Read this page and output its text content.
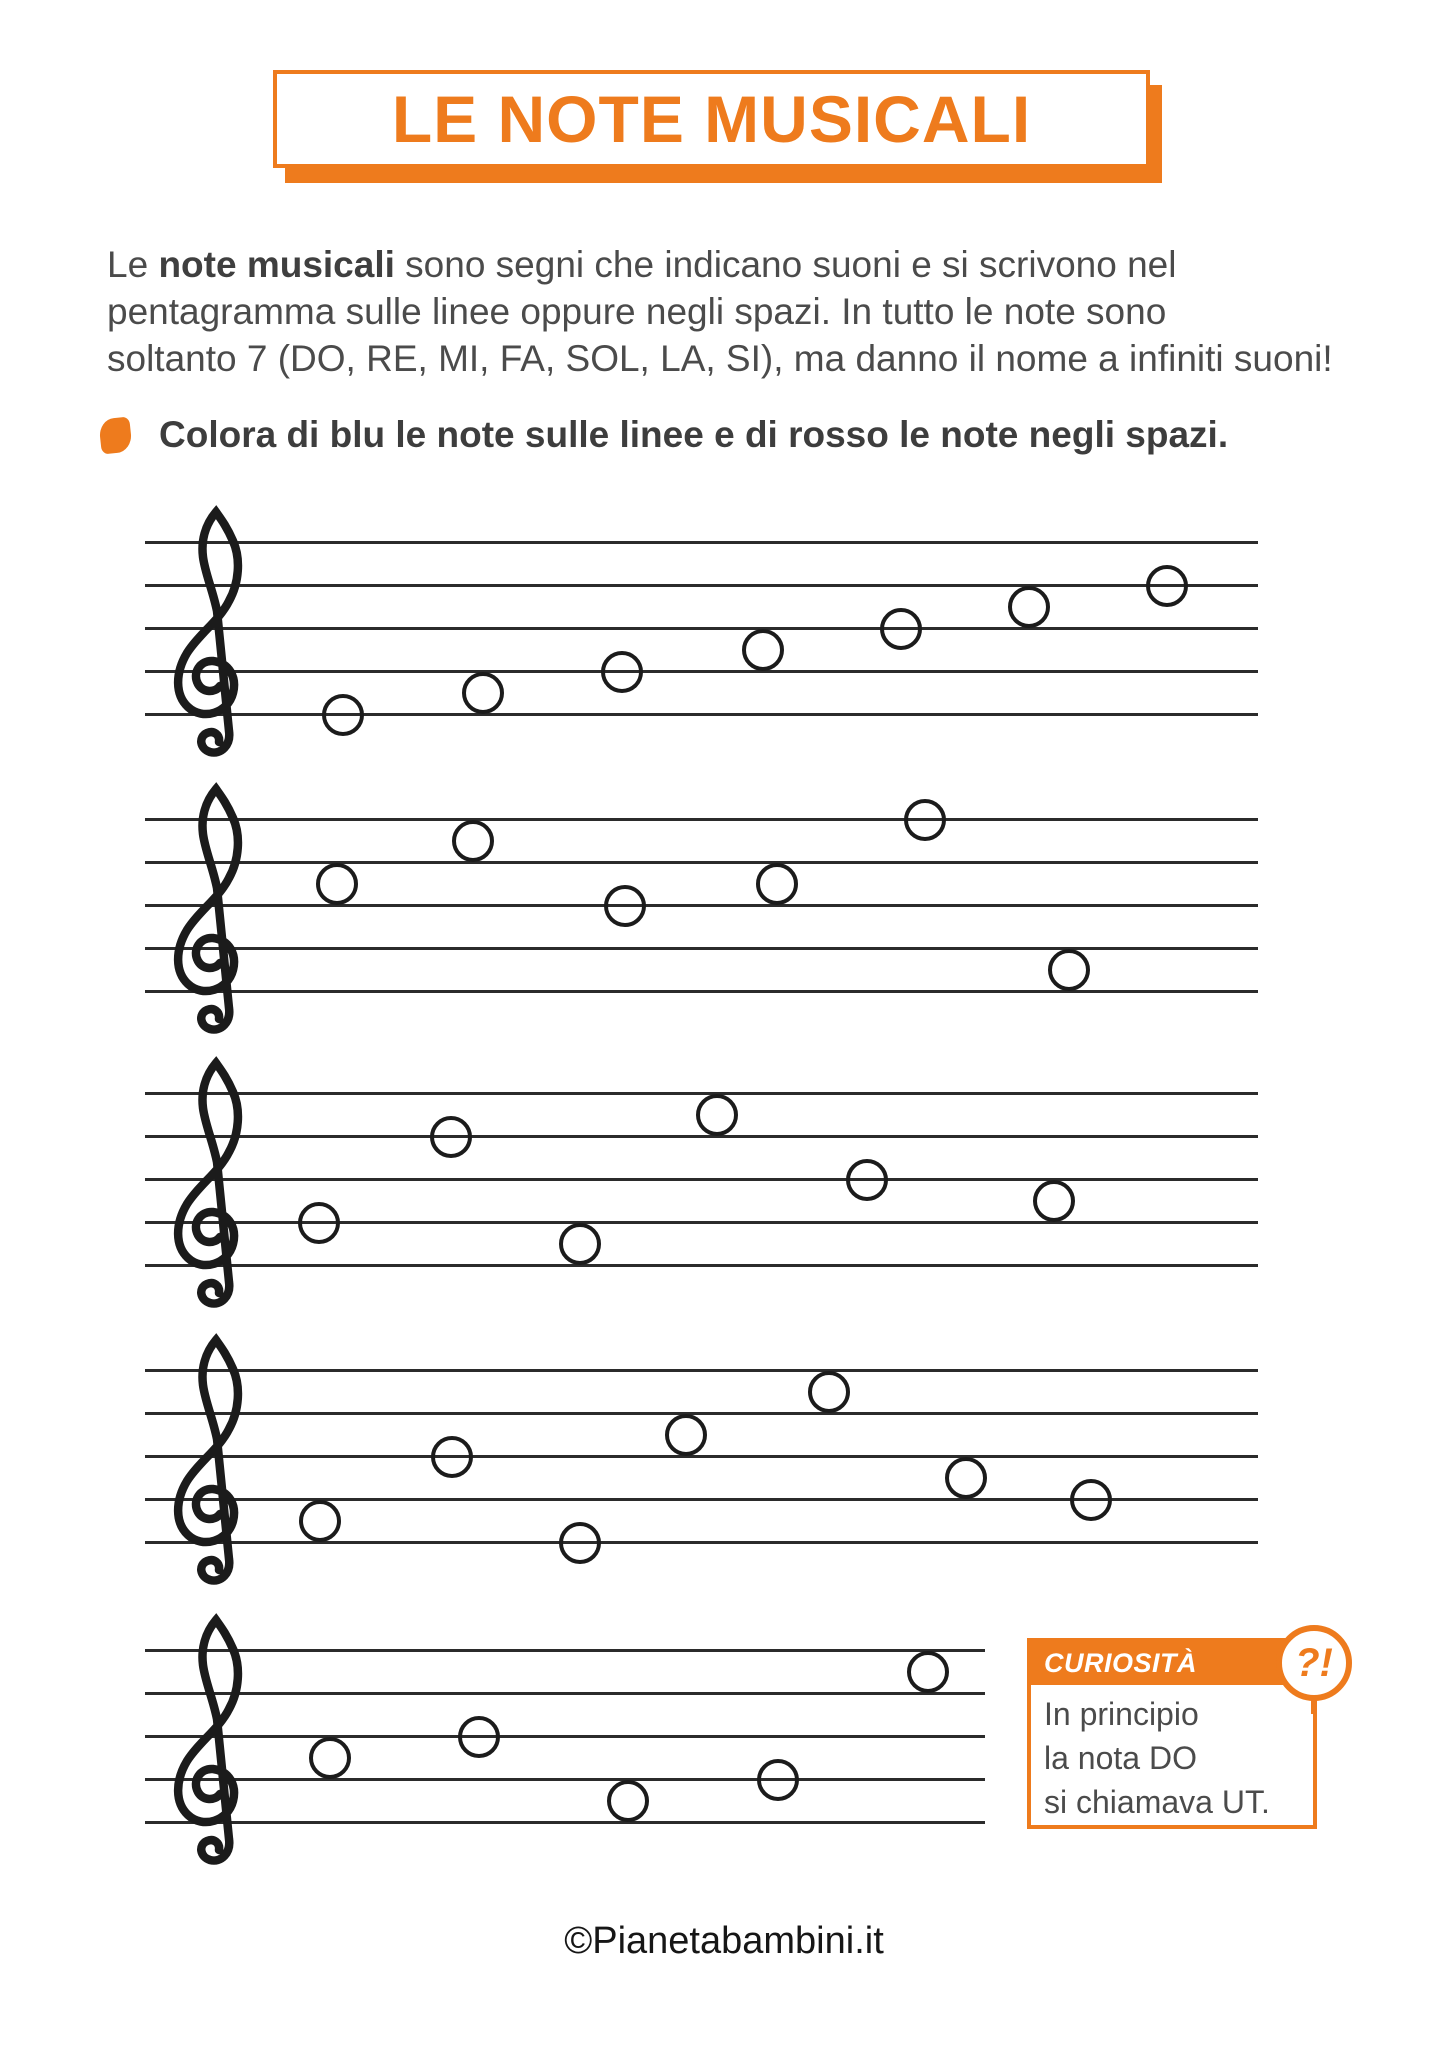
LE NOTE MUSICALI
Le note musicali sono segni che indicano suoni e si scrivono nel
pentagramma sulle linee oppure negli spazi. In tutto le note sono
soltanto 7 (DO, RE, MI, FA, SOL, LA, SI), ma danno il nome a infiniti suoni!
Colora di blu le note sulle linee e di rosso le note negli spazi.
CURIOSITÀ
In principio
la nota DO
si chiamava UT.
?!
©Pianetabambini.it
